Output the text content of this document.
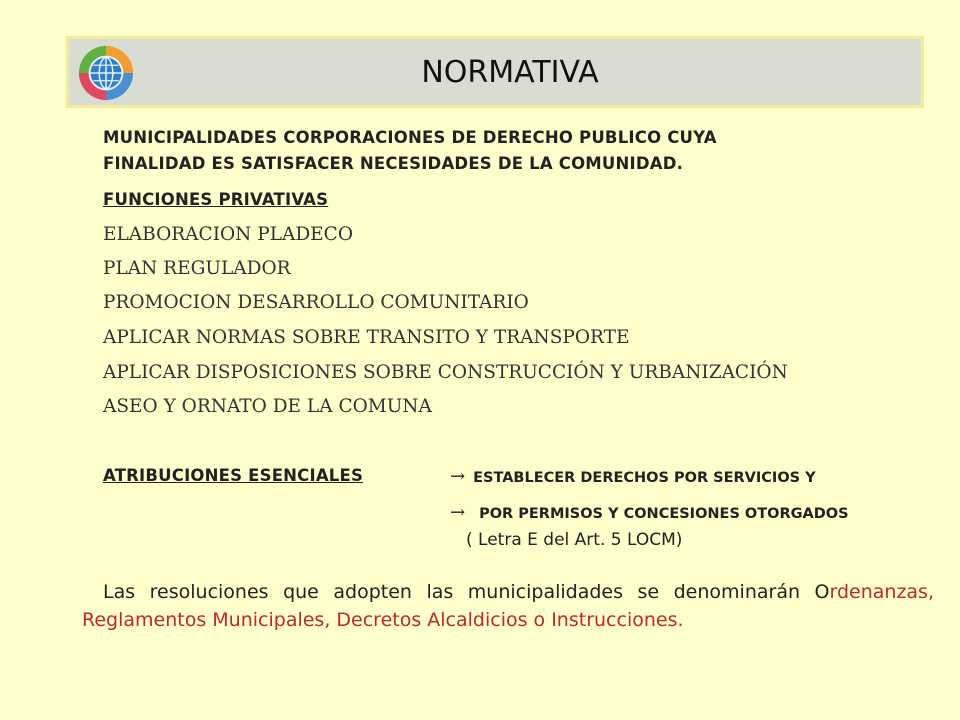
NORMATIVA
MUNICIPALIDADES CORPORACIONES DE DERECHO PUBLICO CUYA
FINALIDAD ES SATISFACER NECESIDADES DE LA COMUNIDAD.
FUNCIONES PRIVATIVAS
ELABORACION PLADECO
PLAN REGULADOR
PROMOCION DESARROLLO COMUNITARIO
APLICAR NORMAS SOBRE TRANSITO Y TRANSPORTE
APLICAR DISPOSICIONES SOBRE CONSTRUCCIÓN Y URBANIZACIÓN
ASEO Y ORNATO DE LA COMUNA
ATRIBUCIONES ESENCIALES	→ ESTABLECER DERECHOS POR SERVICIOS Y
→ POR PERMISOS Y CONCESIONES OTORGADOS
( Letra E del Art. 5 LOCM)
Las resoluciones que adopten las municipalidades se denominarán Ordenanzas, Reglamentos Municipales, Decretos Alcaldicios o Instrucciones.
